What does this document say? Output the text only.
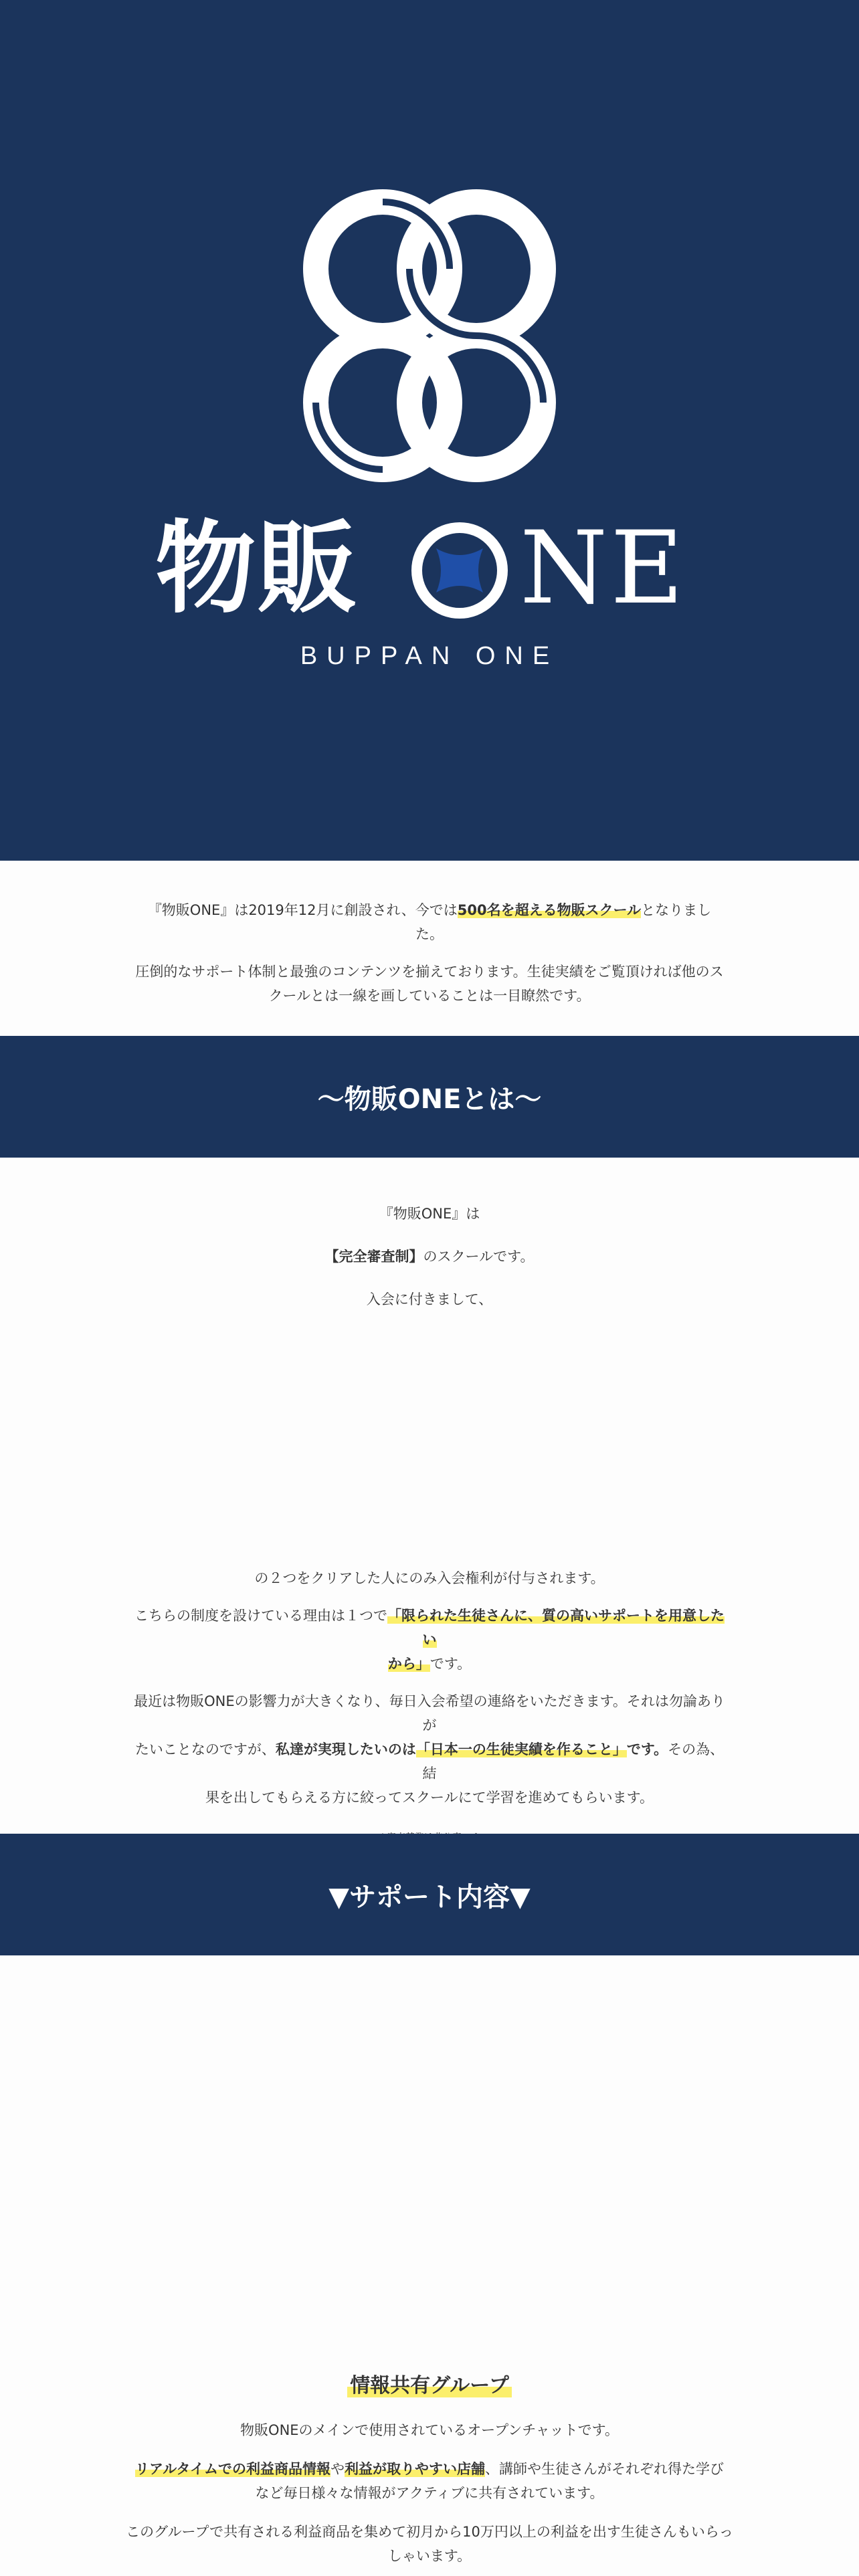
物販 NE
BUPPAN ONE

『物販ONE』は2019年12月に創設され、今では500名を超える物販スクールとなりました。

圧倒的なサポート体制と最強のコンテンツを揃えております。生徒実績をご覧頂ければ他のス
クールとは一線を画していることは一目瞭然です。

〜物販ONEとは〜

『物販ONE』は

【完全審査制】のスクールです。

入会に付きまして、

の２つをクリアした人にのみ入会権利が付与されます。

こちらの制度を設けている理由は１つで「限られた生徒さんに、質の高いサポートを用意したい
から」です。

最近は物販ONEの影響力が大きくなり、毎日入会希望の連絡をいただきます。それは勿論ありが
たいことなのですが、私達が実現したいのは「日本一の生徒実績を作ること」です。その為、結
果を出してもらえる方に絞ってスクールにて学習を進めてもらいます。

▼サポート内容▼
情報共有グループ

物販ONEのメインで使用されているオープンチャットです。

リアルタイムでの利益商品情報や利益が取りやすい店舗、講師や生徒さんがそれぞれ得た学び
など毎日様々な情報がアクティブに共有されています。

このグループで共有される利益商品を集めて初月から10万円以上の利益を出す生徒さんもいらっ
しゃいます。
